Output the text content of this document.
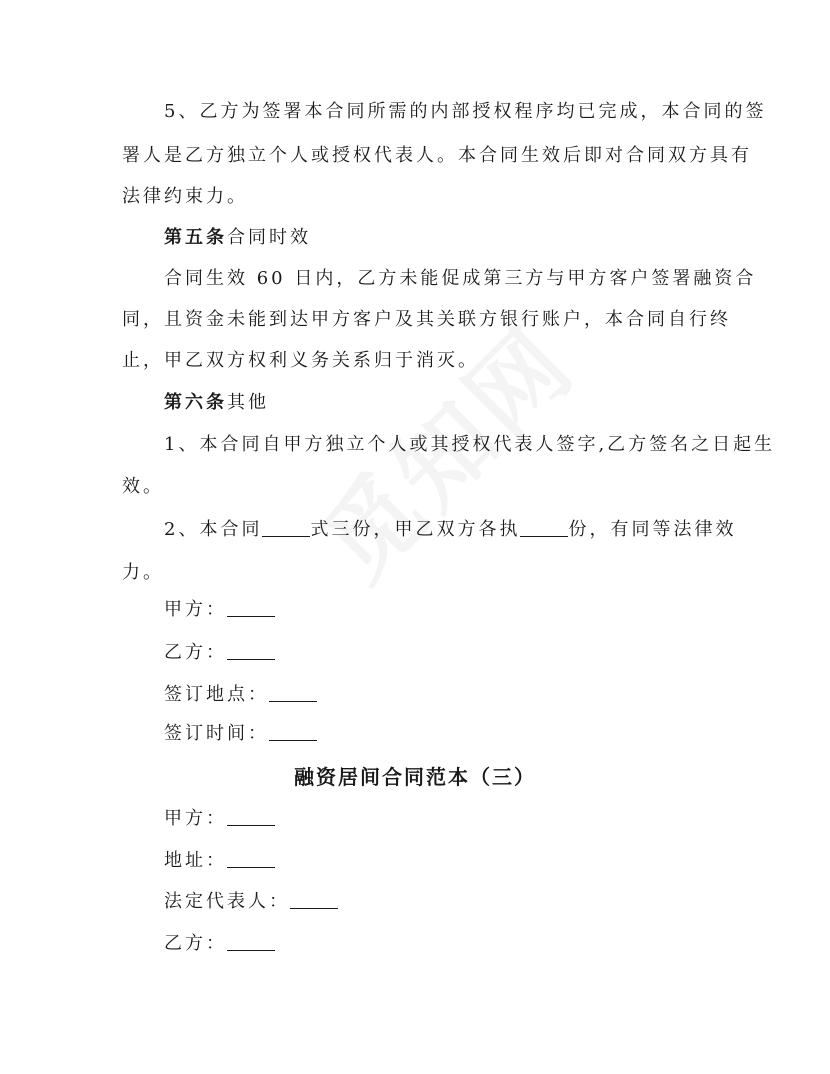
5、乙方为签署本合同所需的内部授权程序均已完成，本合同的签
署人是乙方独立个人或授权代表人。本合同生效后即对合同双方具有
法律约束力。
第五条合同时效
合同生效 60 日内，乙方未能促成第三方与甲方客户签署融资合
同，且资金未能到达甲方客户及其关联方银行账户，本合同自行终
止，甲乙双方权利义务关系归于消灭。
第六条其他
1、本合同自甲方独立个人或其授权代表人签字,乙方签名之日起生
效。
2、本合同	式三份，甲乙双方各执	份，有同等法律效
力。
甲方：
乙方：
签订地点：
签订时间：
融资居间合同范本（三）
甲方：
地址：
法定代表人：
乙方：
